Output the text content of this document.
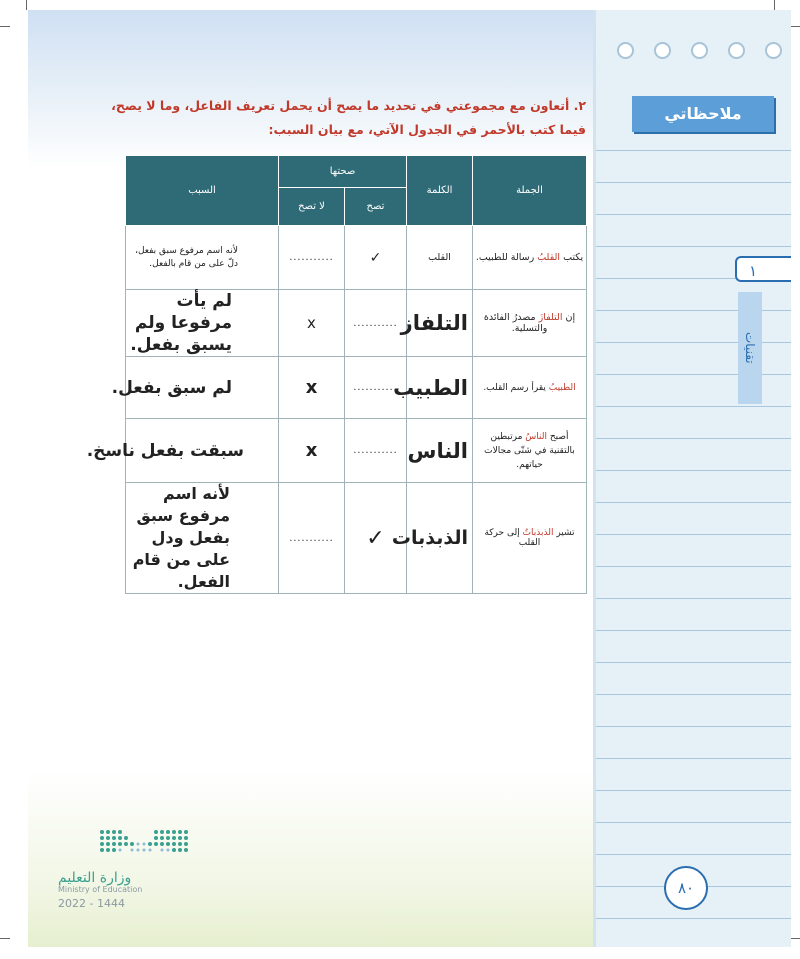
ملاحظاتي
١
تقنيات
٨٠
٢. أتعاون مع مجموعتي في تحديد ما يصح أن يحمل تعريف الفاعل، وما لا يصح،
فيما كتب بالأحمر في الجدول الآتي، مع بيان السبب:
الجملة	الكلمة	صحتها		السبب
		تصح	لا تصح	
يكتب القلبُ رسالة للطبيب.	القلب	✓	...........	لأنه اسم مرفوع سبق بفعل، دلّ على من قام بالفعل.
إن التلفازَ مصدرُ الفائدة والتسلية.	التلفاز	...........	x	لم يأت مرفوعا ولم يسبق بفعل.
الطبيبُ يقرأ رسم القلب.	الطبيب	...........	x	لم سبق بفعل.
أصبح الناسُ مرتبطين بالتقنية في شتّى مجالات حياتهم.	الناس	...........	x	سبقت بفعل ناسخ.
تشير الذبذباتُ إلى حركة القلب	الذبذبات	✓	...........	لأنه اسم مرفوع سبق بفعل ودل على من قام الفعل.
وزارة التعليم
Ministry of Education
2022 - 1444
